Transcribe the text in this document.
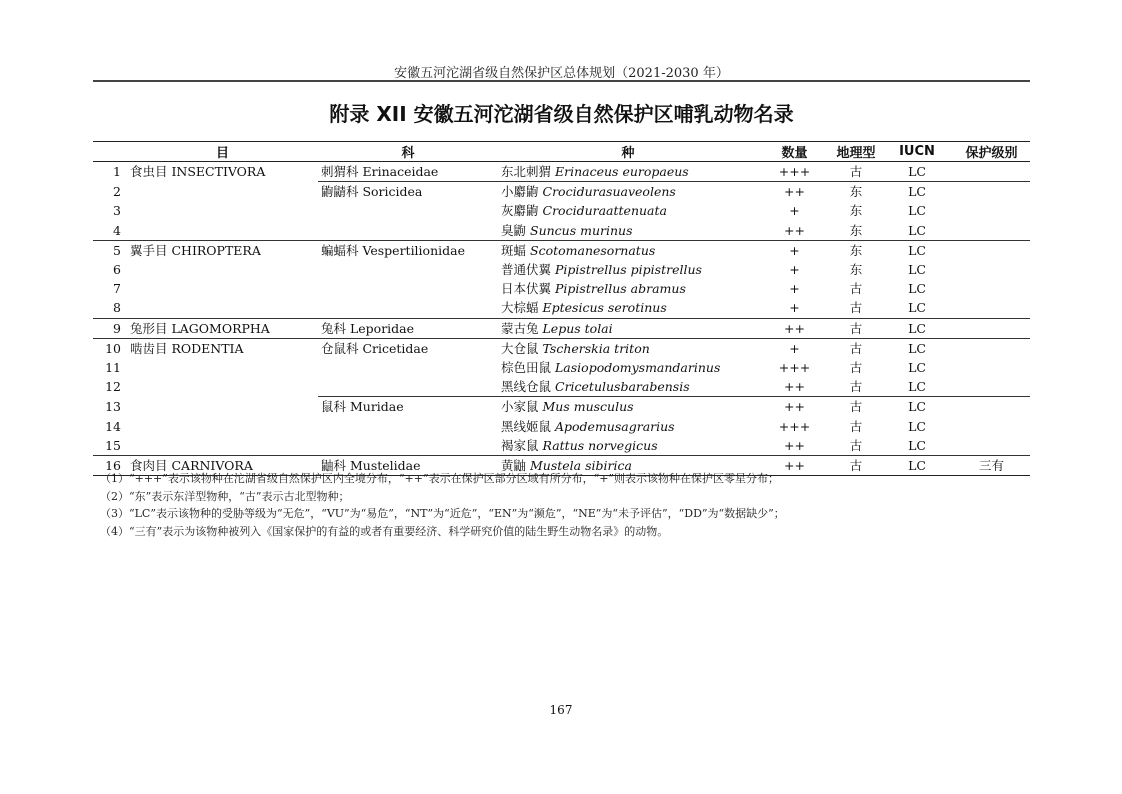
安徽五河沱湖省级自然保护区总体规划（2021-2030 年）
附录 XII 安徽五河沱湖省级自然保护区哺乳动物名录
	目	科	种	数量	地理型	IUCN	保护级别
1	食虫目 INSECTIVORA	刺猬科 Erinaceidae	东北刺猬 Erinaceus europaeus	+++	古	LC	
2		鼩鼱科 Soricidea	小麝鼩 Crociduras​uaveolens	++	东	LC	
3			灰麝鼩 Crociduraattenuata	+	东	LC	
4			臭鼩 Suncus murinus	++	东	LC	
5	翼手目 CHIROPTERA	蝙蝠科 Vespertilionidae	斑蝠 Scotomanesornatus	+	东	LC	
6			普通伏翼 Pipistrellus pipistrellus	+	东	LC	
7			日本伏翼 Pipistrellus abramus	+	古	LC	
8			大棕蝠 Eptesicus serotinus	+	古	LC	
9	兔形目 LAGOMORPHA	兔科 Leporidae	蒙古兔 Lepus tolai	++	古	LC	
10	啮齿目 RODENTIA	仓鼠科 Cricetidae	大仓鼠 Tscherskia triton	+	古	LC	
11			棕色田鼠 Lasiopodomysmandarinus	+++	古	LC	
12			黑线仓鼠 Cricetulusbarabensis	++	古	LC	
13		鼠科 Muridae	小家鼠 Mus musculus	++	古	LC	
14			黑线姬鼠 Apodemusagrarius	+++	古	LC	
15			褐家鼠 Rattus norvegicus	++	古	LC	
16	食肉目 CARNIVORA	鼬科 Mustelidae	黄鼬 Mustela sibirica	++	古	LC	三有
（1）“+++”表示该物种在沱湖省级自然保护区内全境分布，“++”表示在保护区部分区域有所分布，“+”则表示该物种在保护区零星分布；
（2）“东”表示东洋型物种，“古”表示古北型物种；
（3）“LC”表示该物种的受胁等级为“无危”，“VU”为“易危”，“NT”为“近危”，“EN”为“濒危”，“NE”为“未予评估”，“DD”为“数据缺少”；
（4）“三有”表示为该物种被列入《国家保护的有益的或者有重要经济、科学研究价值的陆生野生动物名录》的动物。
167
